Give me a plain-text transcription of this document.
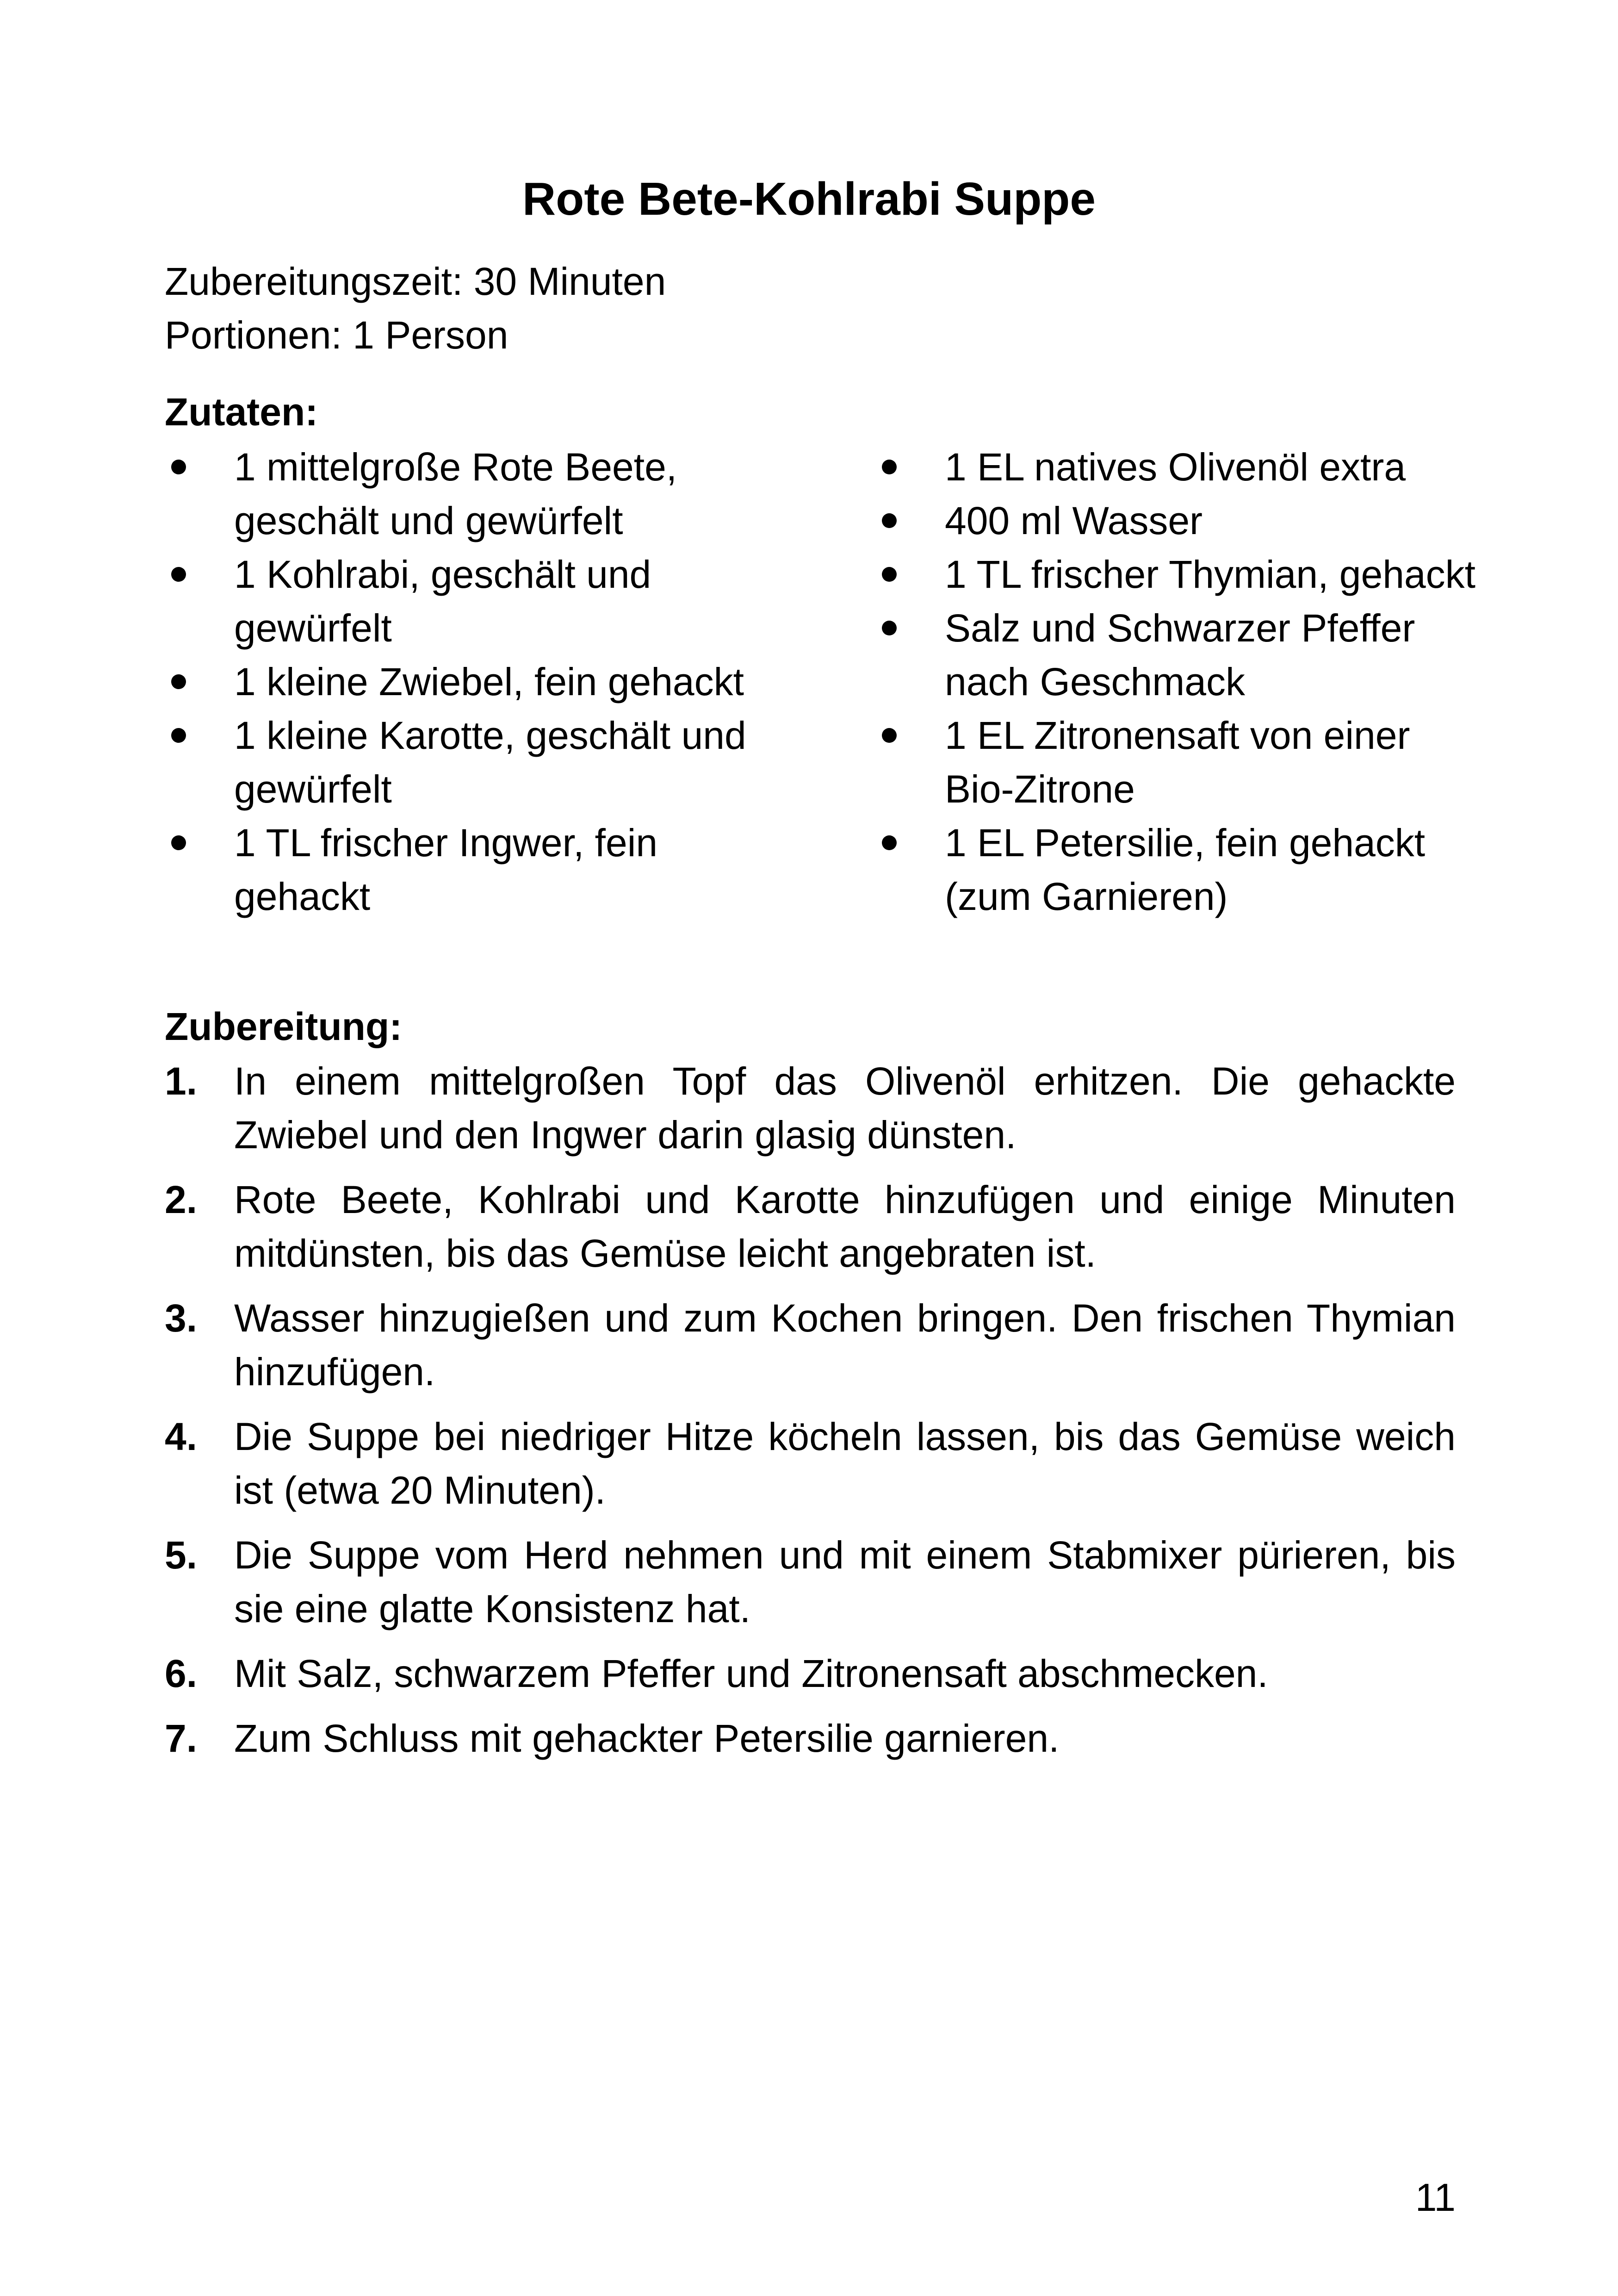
Rote Bete-Kohlrabi Suppe
Zubereitungszeit: 30 Minuten
Portionen: 1 Person
Zutaten:
1 mittelgroße Rote Beete, geschält und gewürfelt
1 Kohlrabi, geschält und gewürfelt
1 kleine Zwiebel, fein gehackt
1 kleine Karotte, geschält und gewürfelt
1 TL frischer Ingwer, fein gehackt
1 EL natives Olivenöl extra
400 ml Wasser
1 TL frischer Thymian, gehackt
Salz und Schwarzer Pfeffer nach Geschmack
1 EL Zitronensaft von einer Bio-Zitrone
1 EL Petersilie, fein gehackt (zum Garnieren)
Zubereitung:
1. In einem mittelgroßen Topf das Olivenöl erhitzen. Die gehackte Zwiebel und den Ingwer darin glasig dünsten.
2. Rote Beete, Kohlrabi und Karotte hinzufügen und einige Minuten mitdünsten, bis das Gemüse leicht angebraten ist.
3. Wasser hinzugießen und zum Kochen bringen. Den frischen Thymian hinzufügen.
4. Die Suppe bei niedriger Hitze köcheln lassen, bis das Gemüse weich ist (etwa 20 Minuten).
5. Die Suppe vom Herd nehmen und mit einem Stabmixer pürieren, bis sie eine glatte Konsistenz hat.
6. Mit Salz, schwarzem Pfeffer und Zitronensaft abschmecken.
7. Zum Schluss mit gehackter Petersilie garnieren.
11
